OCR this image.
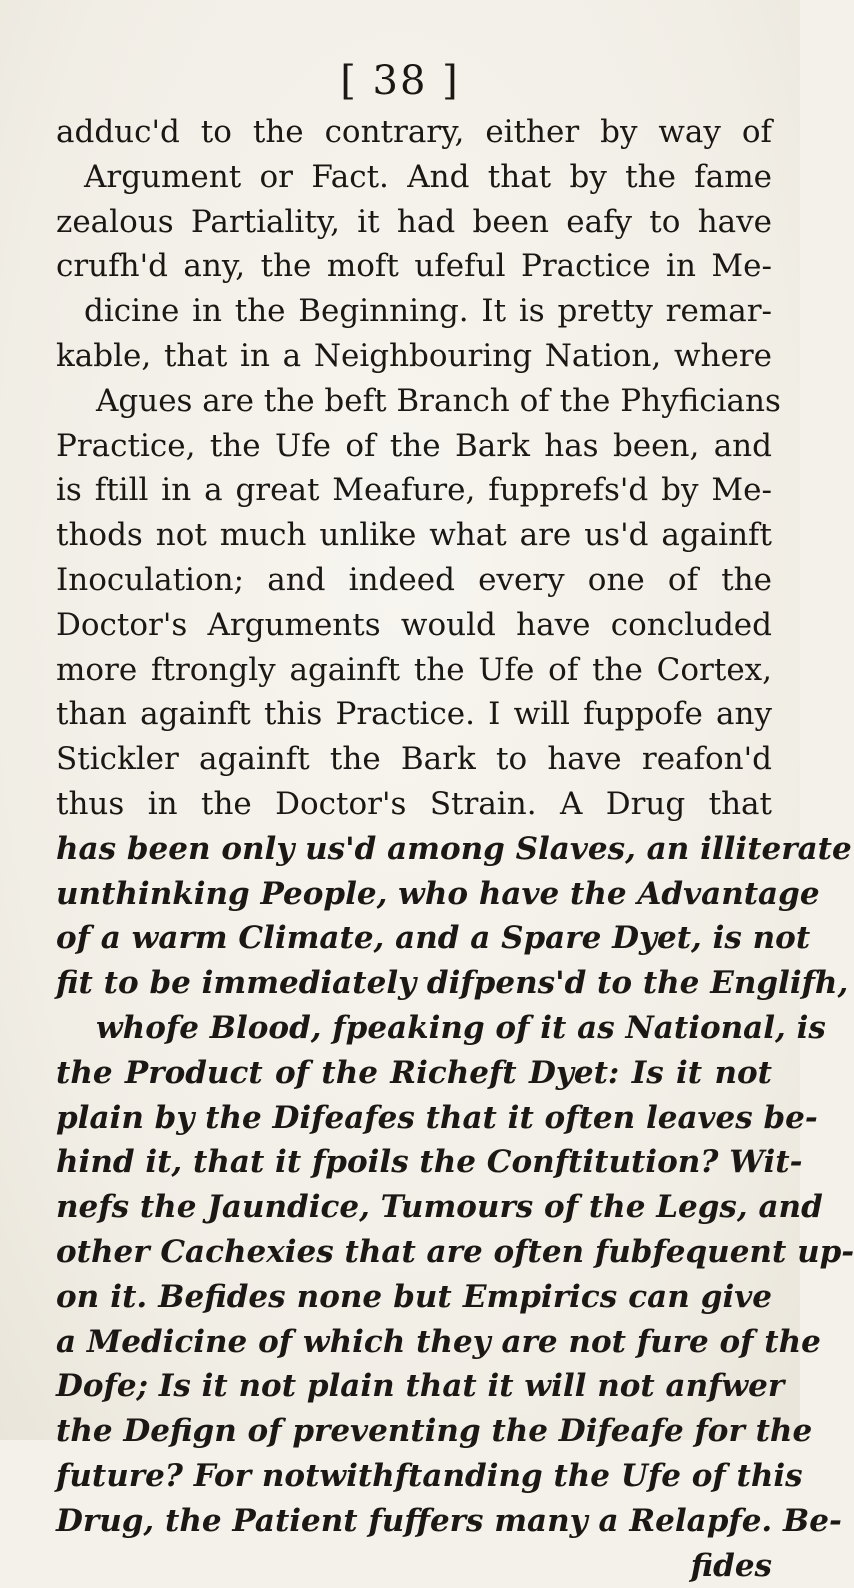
[ 38 ]
adduc'd to the contrary, either by way of
Argument or Fact. And that by the fame
zealous Partiality, it had been eafy to have
crufh'd any, the moft ufeful Practice in Me-
dicine in the Beginning. It is pretty remar-
kable, that in a Neighbouring Nation, where
Agues are the beft Branch of the Phyficians
Practice, the Ufe of the Bark has been, and
is ftill in a great Meafure, fupprefs'd by Me-
thods not much unlike what are us'd againft
Inoculation; and indeed every one of the
Doctor's Arguments would have concluded
more ftrongly againft the Ufe of the Cortex,
than againft this Practice. I will fuppofe any
Stickler againft the Bark to have reafon'd
thus in the Doctor's Strain. A Drug that
has been only us'd among Slaves, an illiterate
unthinking People, who have the Advantage
of a warm Climate, and a Spare Dyet, is not
fit to be immediately difpens'd to the Englifh,
whofe Blood, fpeaking of it as National, is
the Product of the Richeft Dyet: Is it not
plain by the Difeafes that it often leaves be-
hind it, that it fpoils the Conftitution? Wit-
nefs the Jaundice, Tumours of the Legs, and
other Cachexies that are often fubfequent up-
on it. Befides none but Empirics can give
a Medicine of which they are not fure of the
Dofe; Is it not plain that it will not anfwer
the Defign of preventing the Difeafe for the
future? For notwithftanding the Ufe of this
Drug, the Patient fuffers many a Relapfe. Be-
fides
